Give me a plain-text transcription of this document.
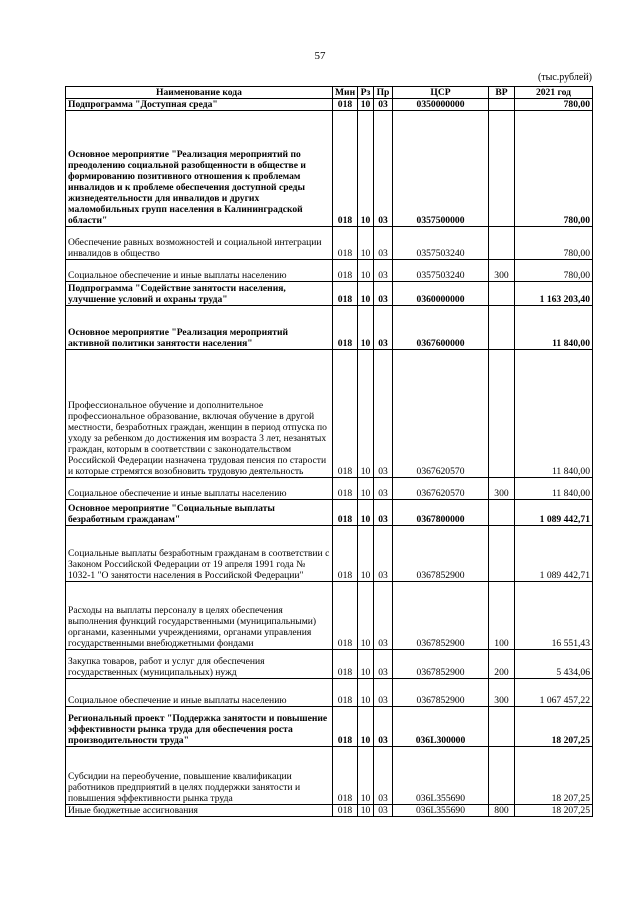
57
(тыс.рублей)
Наименование кода	Мин	Рз	Пр	ЦСР	ВР	2021 год
Подпрограмма "Доступная среда"	018	10	03	0350000000		780,00
Основное мероприятие "Реализация мероприятий по преодолению социальной разобщенности в обществе и формированию позитивного отношения к проблемам инвалидов и к проблеме обеспечения доступной среды жизнедеятельности для инвалидов и других маломобильных групп населения в Калининградской области"	018	10	03	0357500000		780,00
Обеспечение равных возможностей и социальной интеграции инвалидов в общество	018	10	03	0357503240		780,00
Социальное обеспечение и иные выплаты населению	018	10	03	0357503240	300	780,00
Подпрограмма "Содействие занятости населения, улучшение условий и охраны труда"	018	10	03	0360000000		1 163 203,40
Основное мероприятие "Реализация мероприятий активной политики занятости населения"	018	10	03	0367600000		11 840,00
Профессиональное обучение и дополнительное профессиональное образование, включая обучение в другой местности, безработных граждан, женщин в период отпуска по уходу за ребенком до достижения им возраста 3 лет, незанятых граждан, которым в соответствии с законодательством Российской Федерации назначена трудовая пенсия по старости и которые стремятся возобновить трудовую деятельность	018	10	03	0367620570		11 840,00
Социальное обеспечение и иные выплаты населению	018	10	03	0367620570	300	11 840,00
Основное мероприятие "Социальные выплаты безработным гражданам"	018	10	03	0367800000		1 089 442,71
Социальные выплаты безработным гражданам в соответствии с Законом Российской Федерации от 19 апреля 1991 года № 1032-1 "О занятости населения в Российской Федерации"	018	10	03	0367852900		1 089 442,71
Расходы на выплаты персоналу в целях обеспечения выполнения функций государственными (муниципальными) органами, казенными учреждениями, органами управления государственными внебюджетными фондами	018	10	03	0367852900	100	16 551,43
Закупка товаров, работ и услуг для обеспечения государственных (муниципальных) нужд	018	10	03	0367852900	200	5 434,06
Социальное обеспечение и иные выплаты населению	018	10	03	0367852900	300	1 067 457,22
Региональный проект "Поддержка занятости и повышение эффективности рынка труда для обеспечения роста производительности труда"	018	10	03	036L300000		18 207,25
Субсидии на переобучение, повышение квалификации работников предприятий в целях поддержки занятости и повышения эффективности рынка труда	018	10	03	036L355690		18 207,25
Иные бюджетные ассигнования	018	10	03	036L355690	800	18 207,25
